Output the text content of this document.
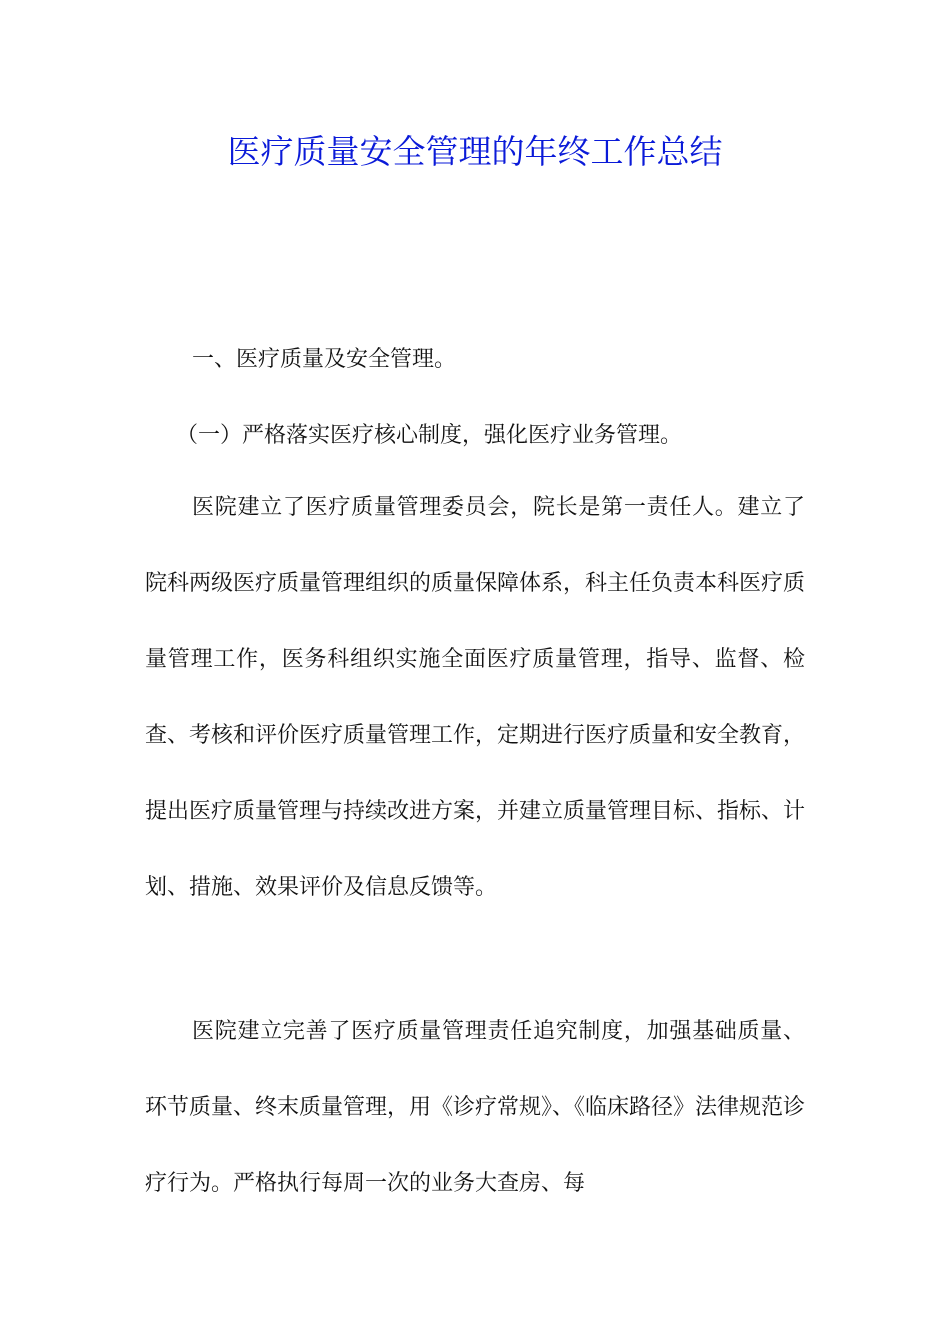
医疗质量安全管理的年终工作总结

一、医疗质量及安全管理。

（一）严格落实医疗核心制度，强化医疗业务管理。

医院建立了医疗质量管理委员会，院长是第一责任人。建立了院科两级医疗质量管理组织的质量保障体系，科主任负责本科医疗质量管理工作，医务科组织实施全面医疗质量管理，指导、监督、检查、考核和评价医疗质量管理工作，定期进行医疗质量和安全教育，提出医疗质量管理与持续改进方案，并建立质量管理目标、指标、计划、措施、效果评价及信息反馈等。

医院建立完善了医疗质量管理责任追究制度，加强基础质量、环节质量、终末质量管理，用《诊疗常规》、《临床路径》法律规范诊疗行为。严格执行每周一次的业务大查房、每
